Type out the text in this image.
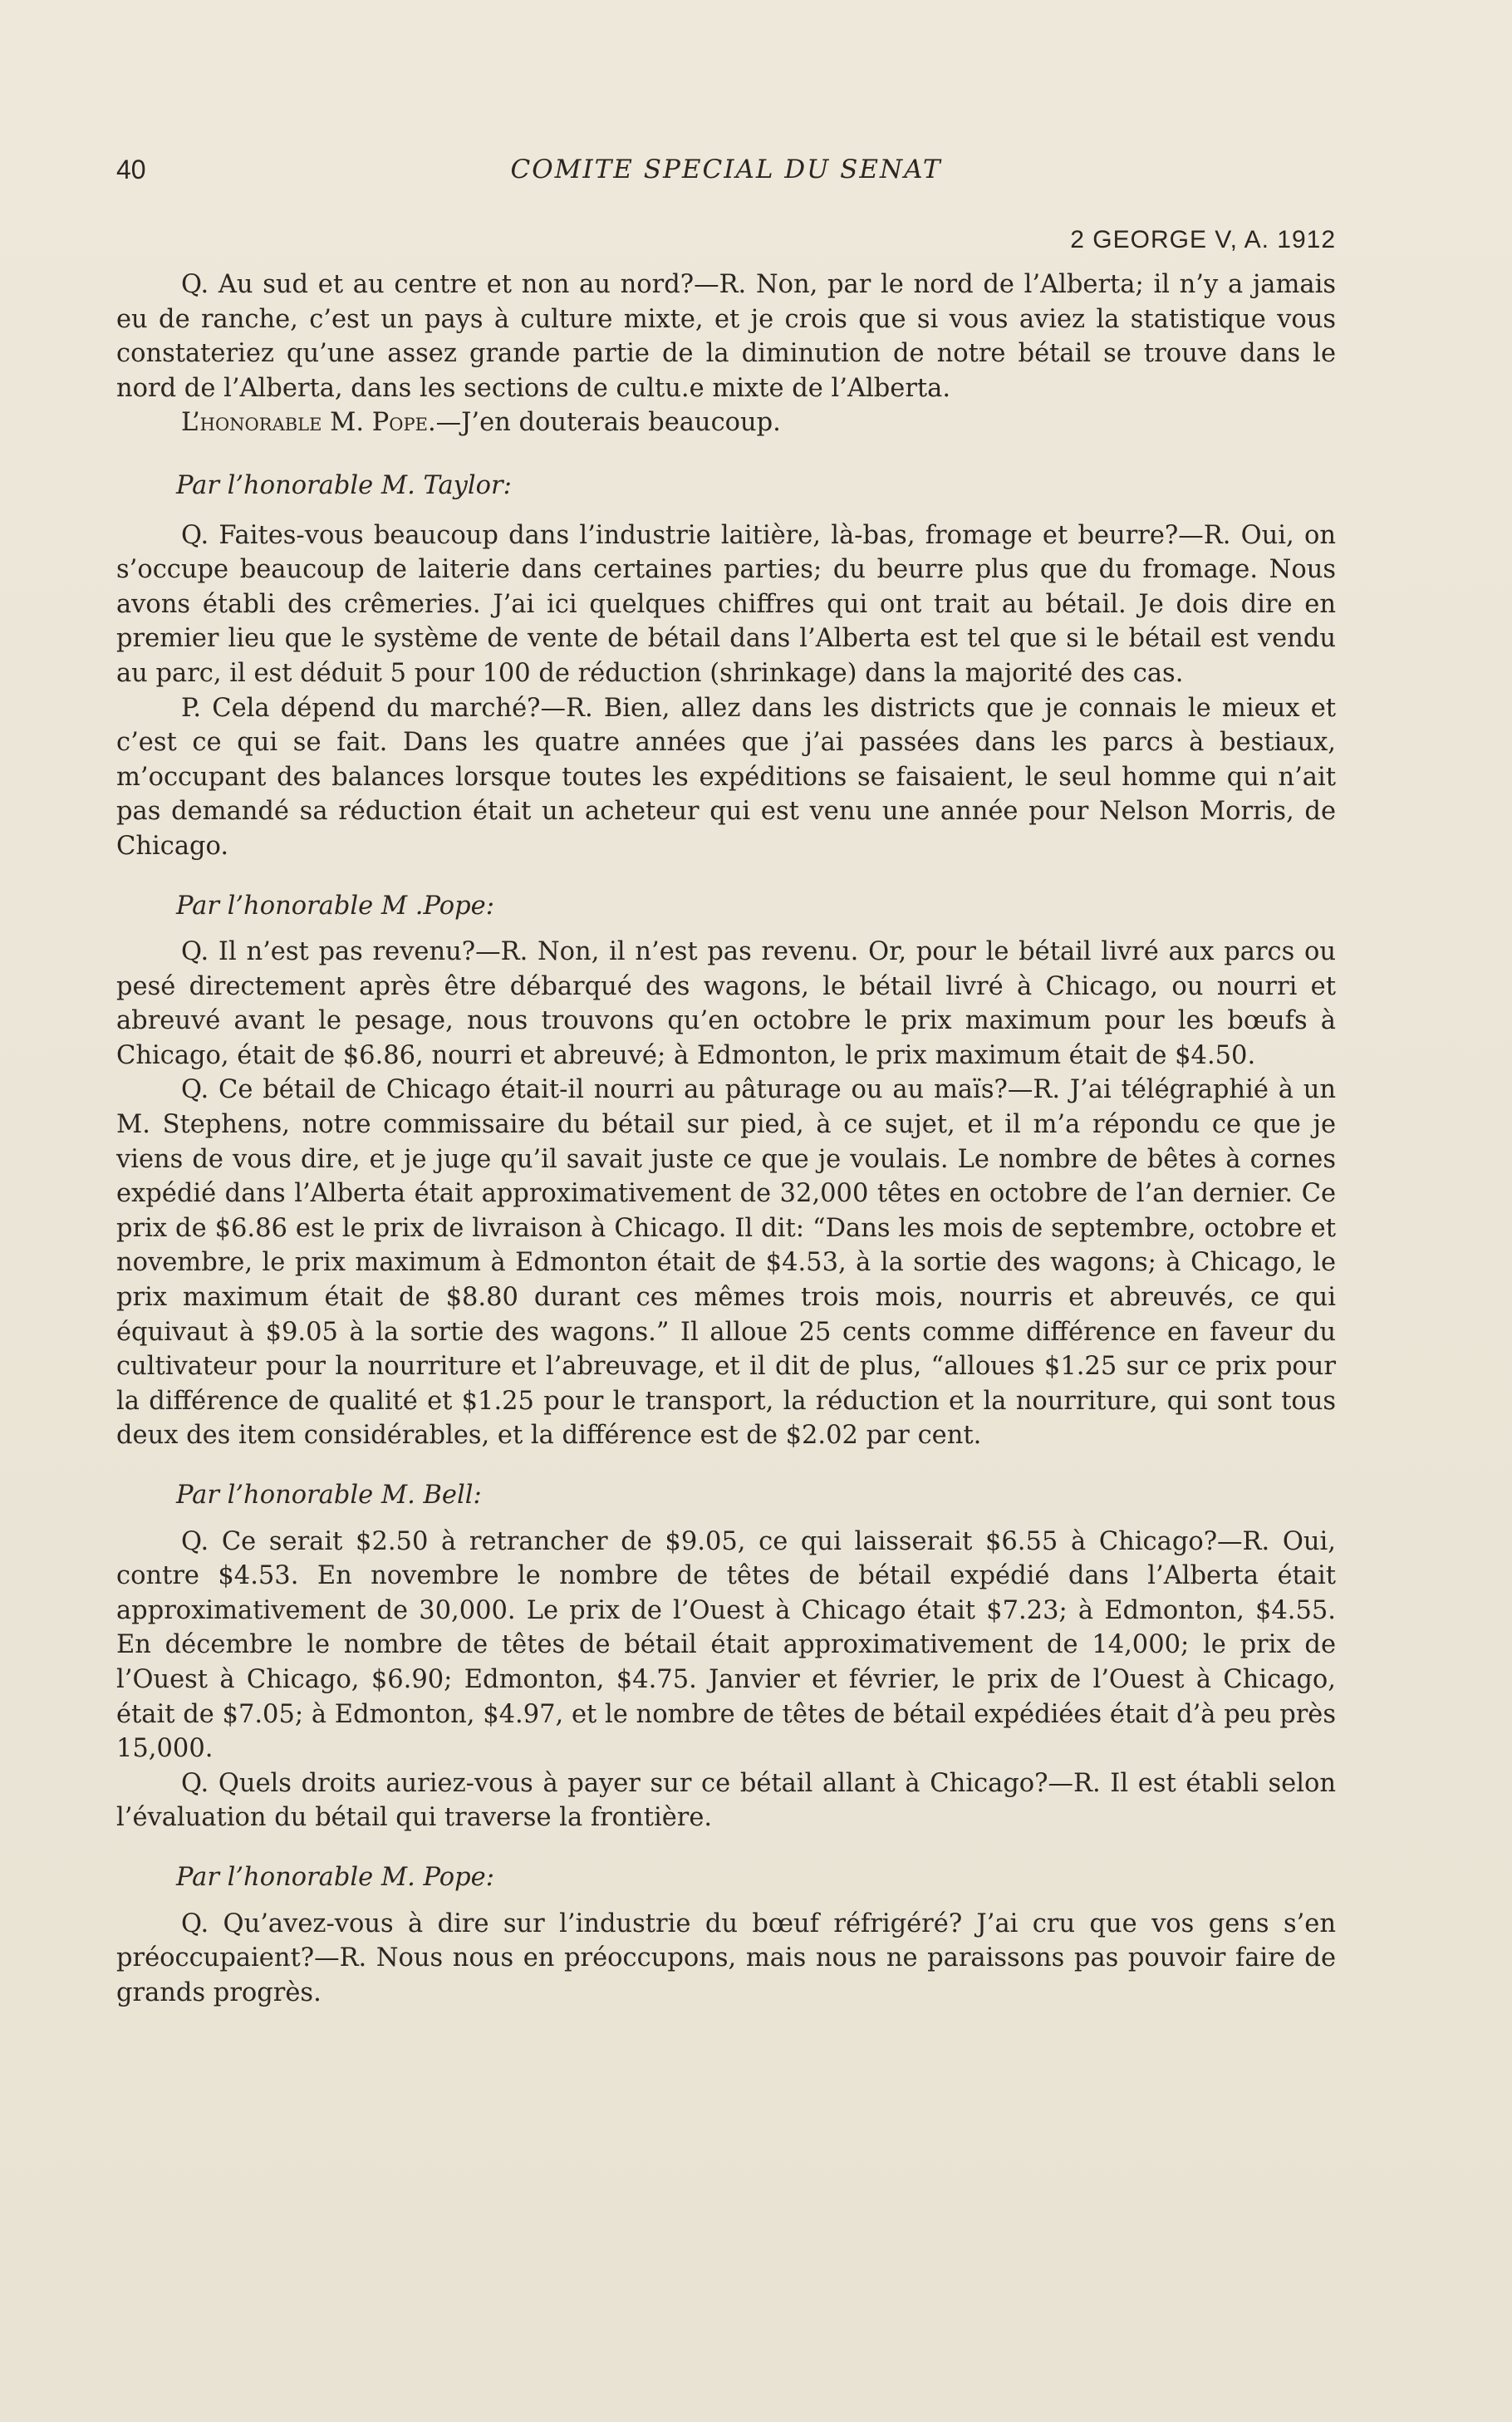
40	COMITE SPECIAL DU SENAT
2 GEORGE V, A. 1912

Q. Au sud et au centre et non au nord?—R. Non, par le nord de l’Alberta; il n’y a jamais eu de ranche, c’est un pays à culture mixte, et je crois que si vous aviez la statistique vous constateriez qu’une assez grande partie de la diminution de notre bétail se trouve dans le nord de l’Alberta, dans les sections de cultu.e mixte de l’Alberta.

L’honorable M. Pope.—J’en douterais beaucoup.

Par l’honorable M. Taylor:

Q. Faites-vous beaucoup dans l’industrie laitière, là-bas, fromage et beurre?—R. Oui, on s’occupe beaucoup de laiterie dans certaines parties; du beurre plus que du fromage. Nous avons établi des crêmeries. J’ai ici quelques chiffres qui ont trait au bétail. Je dois dire en premier lieu que le système de vente de bétail dans l’Alberta est tel que si le bétail est vendu au parc, il est déduit 5 pour 100 de réduction (shrinkage) dans la majorité des cas.

P. Cela dépend du marché?—R. Bien, allez dans les districts que je connais le mieux et c’est ce qui se fait. Dans les quatre années que j’ai passées dans les parcs à bestiaux, m’occupant des balances lorsque toutes les expéditions se faisaient, le seul homme qui n’ait pas demandé sa réduction était un acheteur qui est venu une année pour Nelson Morris, de Chicago.

Par l’honorable M .Pope:

Q. Il n’est pas revenu?—R. Non, il n’est pas revenu. Or, pour le bétail livré aux parcs ou pesé directement après être débarqué des wagons, le bétail livré à Chicago, ou nourri et abreuvé avant le pesage, nous trouvons qu’en octobre le prix maximum pour les bœufs à Chicago, était de $6.86, nourri et abreuvé; à Edmonton, le prix maximum était de $4.50.

Q. Ce bétail de Chicago était-il nourri au pâturage ou au maïs?—R. J’ai télégraphié à un M. Stephens, notre commissaire du bétail sur pied, à ce sujet, et il m’a répondu ce que je viens de vous dire, et je juge qu’il savait juste ce que je voulais. Le nombre de bêtes à cornes expédié dans l’Alberta était approximativement de 32,000 têtes en octobre de l’an dernier. Ce prix de $6.86 est le prix de livraison à Chicago. Il dit: “Dans les mois de septembre, octobre et novembre, le prix maximum à Edmonton était de $4.53, à la sortie des wagons; à Chicago, le prix maximum était de $8.80 durant ces mêmes trois mois, nourris et abreuvés, ce qui équivaut à $9.05 à la sortie des wagons.” Il alloue 25 cents comme différence en faveur du cultivateur pour la nourriture et l’abreuvage, et il dit de plus, “alloues $1.25 sur ce prix pour la différence de qualité et $1.25 pour le transport, la réduction et la nourriture, qui sont tous deux des item considérables, et la différence est de $2.02 par cent.

Par l’honorable M. Bell:

Q. Ce serait $2.50 à retrancher de $9.05, ce qui laisserait $6.55 à Chicago?—R. Oui, contre $4.53. En novembre le nombre de têtes de bétail expédié dans l’Alberta était approximativement de 30,000. Le prix de l’Ouest à Chicago était $7.23; à Edmonton, $4.55. En décembre le nombre de têtes de bétail était approximativement de 14,000; le prix de l’Ouest à Chicago, $6.90; Edmonton, $4.75. Janvier et février, le prix de l’Ouest à Chicago, était de $7.05; à Edmonton, $4.97, et le nombre de têtes de bétail expédiées était d’à peu près 15,000.

Q. Quels droits auriez-vous à payer sur ce bétail allant à Chicago?—R. Il est établi selon l’évaluation du bétail qui traverse la frontière.

Par l’honorable M. Pope:

Q. Qu’avez-vous à dire sur l’industrie du bœuf réfrigéré? J’ai cru que vos gens s’en préoccupaient?—R. Nous nous en préoccupons, mais nous ne paraissons pas pouvoir faire de grands progrès.
